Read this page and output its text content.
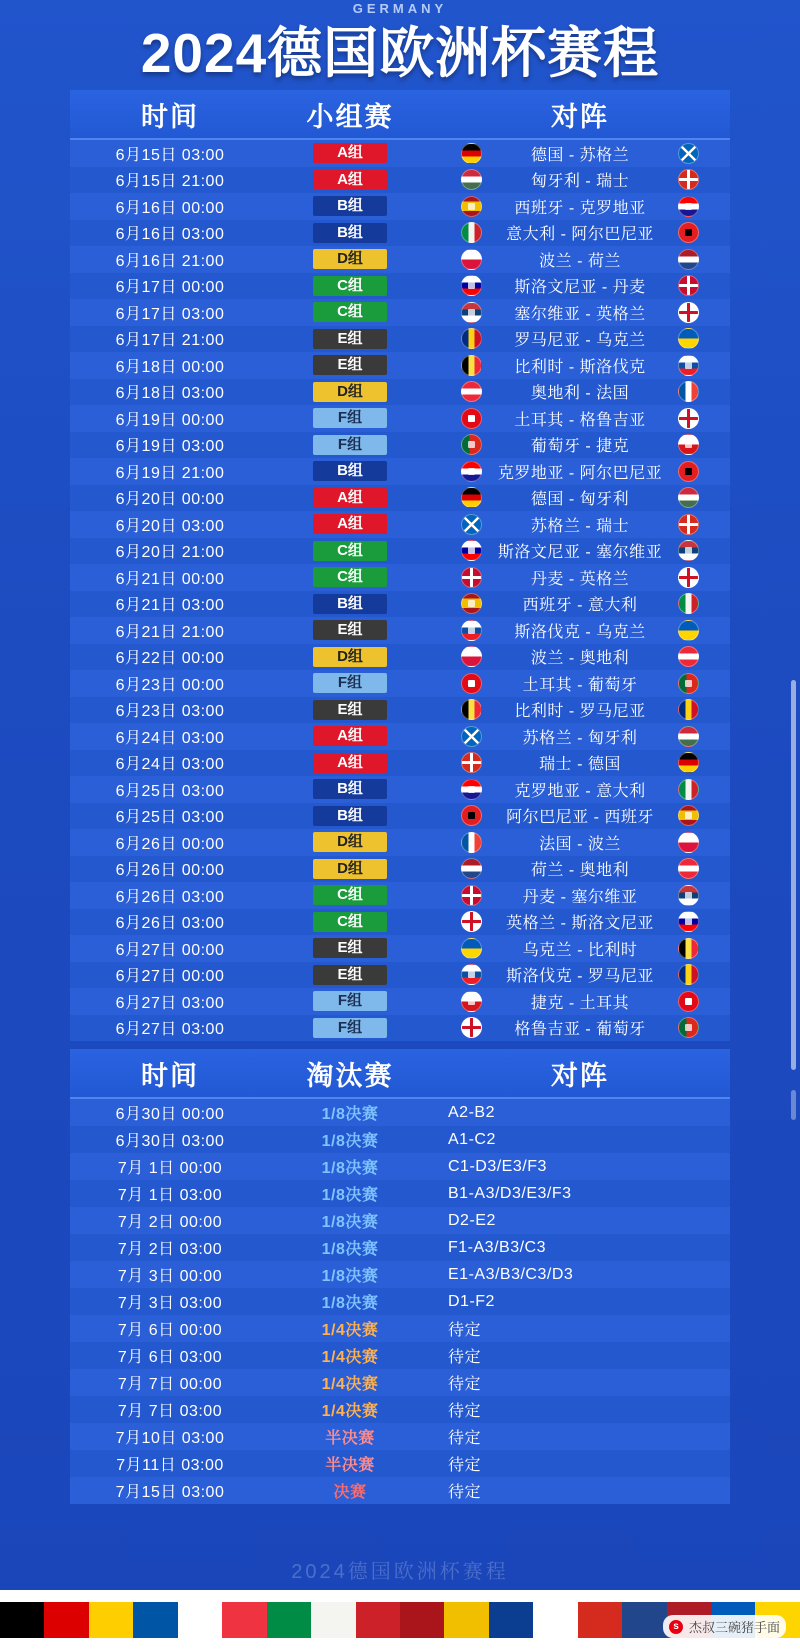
GERMANY
2024德国欧洲杯赛程
时间	小组赛	对阵
6月15日 03:00	A组	德国 - 苏格兰
6月15日 21:00	A组	匈牙利 - 瑞士
6月16日 00:00	B组	西班牙 - 克罗地亚
6月16日 03:00	B组	意大利 - 阿尔巴尼亚
6月16日 21:00	D组	波兰 - 荷兰
6月17日 00:00	C组	斯洛文尼亚 - 丹麦
6月17日 03:00	C组	塞尔维亚 - 英格兰
6月17日 21:00	E组	罗马尼亚 - 乌克兰
6月18日 00:00	E组	比利时 - 斯洛伐克
6月18日 03:00	D组	奥地利 - 法国
6月19日 00:00	F组	土耳其 - 格鲁吉亚
6月19日 03:00	F组	葡萄牙 - 捷克
6月19日 21:00	B组	克罗地亚 - 阿尔巴尼亚
6月20日 00:00	A组	德国 - 匈牙利
6月20日 03:00	A组	苏格兰 - 瑞士
6月20日 21:00	C组	斯洛文尼亚 - 塞尔维亚
6月21日 00:00	C组	丹麦 - 英格兰
6月21日 03:00	B组	西班牙 - 意大利
6月21日 21:00	E组	斯洛伐克 - 乌克兰
6月22日 00:00	D组	波兰 - 奥地利
6月23日 00:00	F组	土耳其 - 葡萄牙
6月23日 03:00	E组	比利时 - 罗马尼亚
6月24日 03:00	A组	苏格兰 - 匈牙利
6月24日 03:00	A组	瑞士 - 德国
6月25日 03:00	B组	克罗地亚 - 意大利
6月25日 03:00	B组	阿尔巴尼亚 - 西班牙
6月26日 00:00	D组	法国 - 波兰
6月26日 00:00	D组	荷兰 - 奥地利
6月26日 03:00	C组	丹麦 - 塞尔维亚
6月26日 03:00	C组	英格兰 - 斯洛文尼亚
6月27日 00:00	E组	乌克兰 - 比利时
6月27日 00:00	E组	斯洛伐克 - 罗马尼亚
6月27日 03:00	F组	捷克 - 土耳其
6月27日 03:00	F组	格鲁吉亚 - 葡萄牙
时间	淘汰赛	对阵
6月30日 00:00	1/8决赛	A2-B2
6月30日 03:00	1/8决赛	A1-C2
7月 1日 00:00	1/8决赛	C1-D3/E3/F3
7月 1日 03:00	1/8决赛	B1-A3/D3/E3/F3
7月 2日 00:00	1/8决赛	D2-E2
7月 2日 03:00	1/8决赛	F1-A3/B3/C3
7月 3日 00:00	1/8决赛	E1-A3/B3/C3/D3
7月 3日 03:00	1/8决赛	D1-F2
7月 6日 00:00	1/4决赛	待定
7月 6日 03:00	1/4决赛	待定
7月 7日 00:00	1/4决赛	待定
7月 7日 03:00	1/4决赛	待定
7月10日 03:00	半决赛	待定
7月11日 03:00	半决赛	待定
7月15日 03:00	决赛	待定
2024德国欧洲杯赛程
s 杰叔三碗猪手面
